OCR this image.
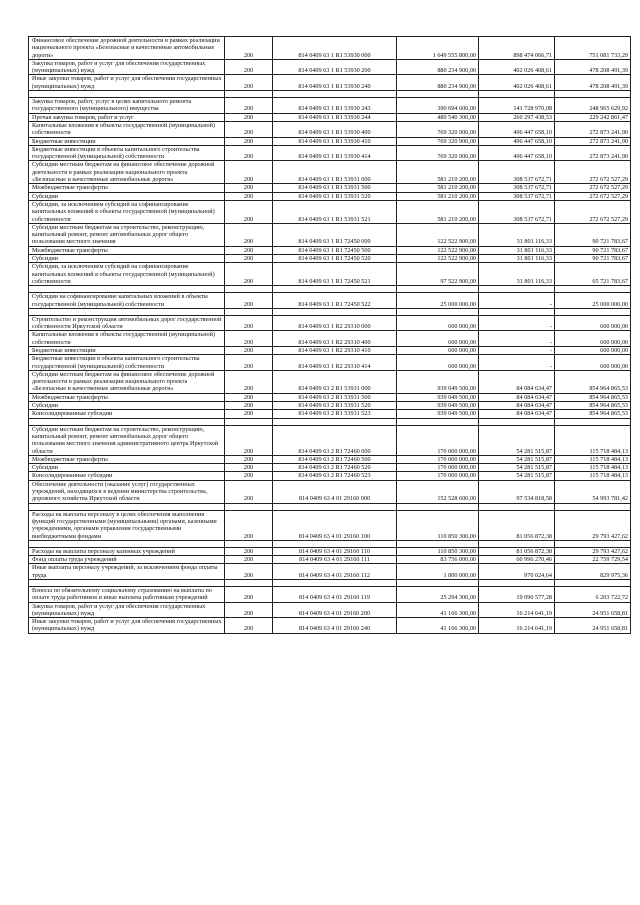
Финансовое обеспечение дорожной деятельности в рамках реализации национального проекта «Безопасные и качественные автомобильные дороги»	200	814 0409 63 1 R1 53930 000	1 649 555 800,00	898 474 066,71	751 081 733,29
Закупка товаров, работ и услуг для обеспечения государственных (муниципальных) нужд	200	814 0409 63 1 R1 53930 200	880 234 900,00	402 026 408,61	478 208 491,39
Иные закупки товаров, работ и услуг для обеспечения государственных (муниципальных) нужд	200	814 0409 63 1 R1 53930 240	880 234 900,00	402 026 408,61	478 208 491,39

Закупка товаров, работ, услуг в целях капитального ремонта государственного (муниципального) имущества	200	814 0409 63 1 R1 53930 243	390 694 600,00	141 728 970,08	248 965 629,92
Прочая закупка товаров, работ и услуг	200	814 0409 63 1 R1 53930 244	489 540 300,00	260 297 438,53	229 242 861,47
Капитальные вложения в объекты государственной (муниципальной) собственности	200	814 0409 63 1 R1 53930 400	769 320 900,00	496 447 658,10	272 873 241,90
Бюджетные инвестиции	200	814 0409 63 1 R1 53930 410	769 320 900,00	496 447 658,10	272 873 241,90
Бюджетные инвестиции в объекты капитального строительства государственной (муниципальной) собственности	200	814 0409 63 1 R1 53930 414	769 320 900,00	496 447 658,10	272 873 241,90
Субсидии местным бюджетам на финансовое обеспечение дорожной деятельности в рамках реализации национального проекта «Безопасные и качественные автомобильные дороги»	200	814 0409 63 1 R1 53931 000	581 210 200,00	308 537 672,71	272 672 527,29
Межбюджетные трансферты	200	814 0409 63 1 R1 53931 500	581 210 200,00	308 537 672,71	272 672 527,29
Субсидии	200	814 0409 63 1 R1 53931 520	581 210 200,00	308 537 672,71	272 672 527,29
Субсидии, за исключением субсидий на софинансирование капитальных вложений в объекты государственной (муниципальной) собственности	200	814 0409 63 1 R1 53931 521	581 210 200,00	308 537 672,71	272 672 527,29
Субсидии местным бюджетам на строительство, реконструкцию, капитальный ремонт, ремонт автомобильных дорог общего пользования местного значения	200	814 0409 63 1 R1 72450 000	122 522 900,00	31 801 116,33	90 721 783,67
Межбюджетные трансферты	200	814 0409 63 1 R1 72450 500	122 522 900,00	31 801 116,33	90 721 783,67
Субсидии	200	814 0409 63 1 R1 72450 520	122 522 900,00	31 801 116,33	90 721 783,67
Субсидии, за исключением субсидий на софинансирование капитальных вложений в объекты государственной (муниципальной) собственности	200	814 0409 63 1 R1 72450 521	97 522 900,00	31 801 116,33	65 721 783,67

Субсидии на софинансирование капитальных вложений в объекты государственной (муниципальной) собственности	200	814 0409 63 1 R1 72450 522	25 000 000,00	-	25 000 000,00

Строительство и реконструкция автомобильных дорог государственной собственности Иркутской области	200	814 0409 63 1 R2 29310 000	600 000,00	-	600 000,00
Капитальные вложения в объекты государственной (муниципальной) собственности	200	814 0409 63 1 R2 29310 400	600 000,00	-	600 000,00
Бюджетные инвестиции	200	814 0409 63 1 R2 29310 410	600 000,00	-	600 000,00
Бюджетные инвестиции в объекты капитального строительства государственной (муниципальной) собственности	200	814 0409 63 1 R2 29310 414	600 000,00	-	600 000,00
Субсидии местным бюджетам на финансовое обеспечение дорожной деятельности в рамках реализации национального проекта «Безопасные и качественные автомобильные дороги»	200	814 0409 63 2 R1 53931 000	939 049 500,00	84 084 634,47	854 964 865,53
Межбюджетные трансферты	200	814 0409 63 2 R1 53931 500	939 049 500,00	84 084 634,47	854 964 865,53
Субсидии	200	814 0409 63 2 R1 53931 520	939 049 500,00	84 084 634,47	854 964 865,53
Консолидированные субсидии	200	814 0409 63 2 R1 53931 523	939 049 500,00	84 084 634,47	854 964 865,53

Субсидии местным бюджетам на строительство, реконструкцию, капитальный ремонт, ремонт автомобильных дорог общего пользования местного значения административного центра Иркутской области	200	814 0409 63 2 R1 72460 000	170 000 000,00	54 281 515,87	115 718 484,13
Межбюджетные трансферты	200	814 0409 63 2 R1 72460 500	170 000 000,00	54 281 515,87	115 718 484,13
Субсидии	200	814 0409 63 2 R1 72460 520	170 000 000,00	54 281 515,87	115 718 484,13
Консолидированные субсидии	200	814 0409 63 2 R1 72460 523	170 000 000,00	54 281 515,87	115 718 484,13
Обеспечение деятельности (оказание услуг) государственных учреждений, находящихся в ведении министерства строительства, дорожного хозяйства Иркутской области	200	814 0409 63 4 01 29160 000	152 528 600,00	97 534 818,58	54 993 781,42

Расходы на выплаты персоналу в целях обеспечения выполнения функций государственными (муниципальными) органами, казенными учреждениями, органами управления государственными внебюджетными фондами	200	814 0409 63 4 01 29160 100	110 850 300,00	81 056 872,38	29 793 427,62

Расходы на выплаты персоналу казенных учреждений	200	814 0409 63 4 01 29160 110	110 850 300,00	81 056 872,38	29 793 427,62
Фонд оплаты труда учреждений	200	814 0409 63 4 01 29160 111	83 756 000,00	60 996 270,46	22 759 729,54
Иные выплаты персоналу учреждений, за исключением фонда оплаты труда	200	814 0409 63 4 01 29160 112	1 800 000,00	970 024,64	829 975,36

Взносы по обязательному социальному страхованию на выплаты по оплате труда работников и иные выплаты работникам учреждений	200	814 0409 63 4 01 29160 119	25 294 300,00	19 090 577,28	6 203 722,72
Закупка товаров, работ и услуг для обеспечения государственных (муниципальных) нужд	200	814 0409 63 4 01 29160 200	41 166 300,00	16 214 641,19	24 951 658,81
Иные закупки товаров, работ и услуг для обеспечения государственных (муниципальных) нужд	200	814 0409 63 4 01 29160 240	41 166 300,00	16 214 641,19	24 951 658,81
